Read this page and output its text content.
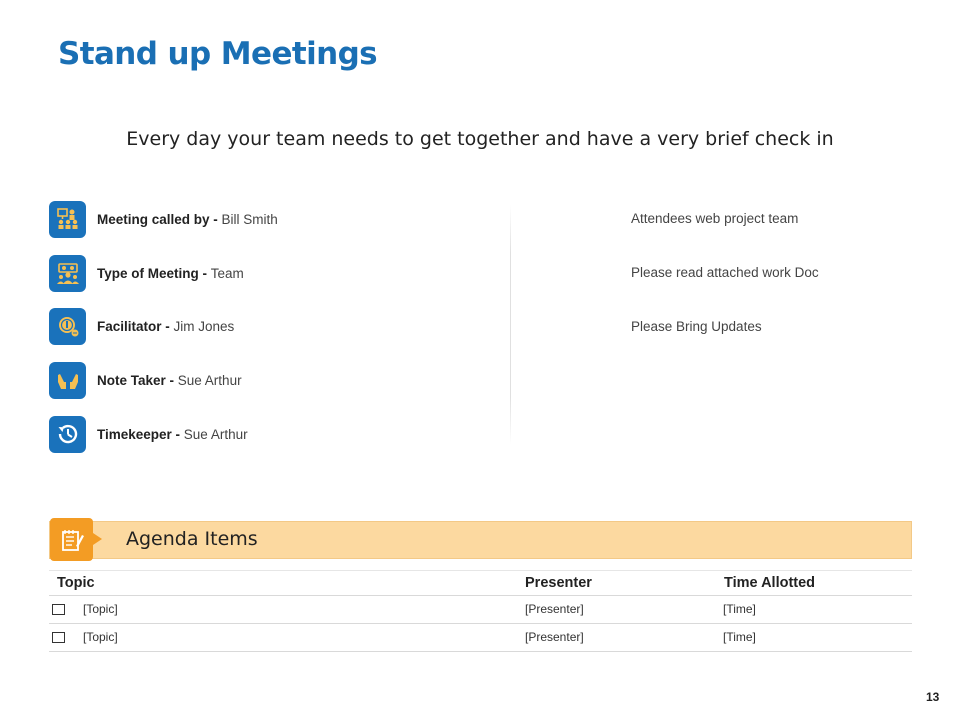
Stand up Meetings
Every day your team needs to get together and have a very brief check in
Meeting called by - Bill Smith
Type of Meeting - Team
Facilitator - Jim Jones
Note Taker - Sue Arthur
Timekeeper - Sue Arthur
Attendees web project team
Please read attached work Doc
Please Bring Updates
Agenda Items
Topic	Presenter	Time Allotted
[Topic]	[Presenter]	[Time]
[Topic]	[Presenter]	[Time]
13
